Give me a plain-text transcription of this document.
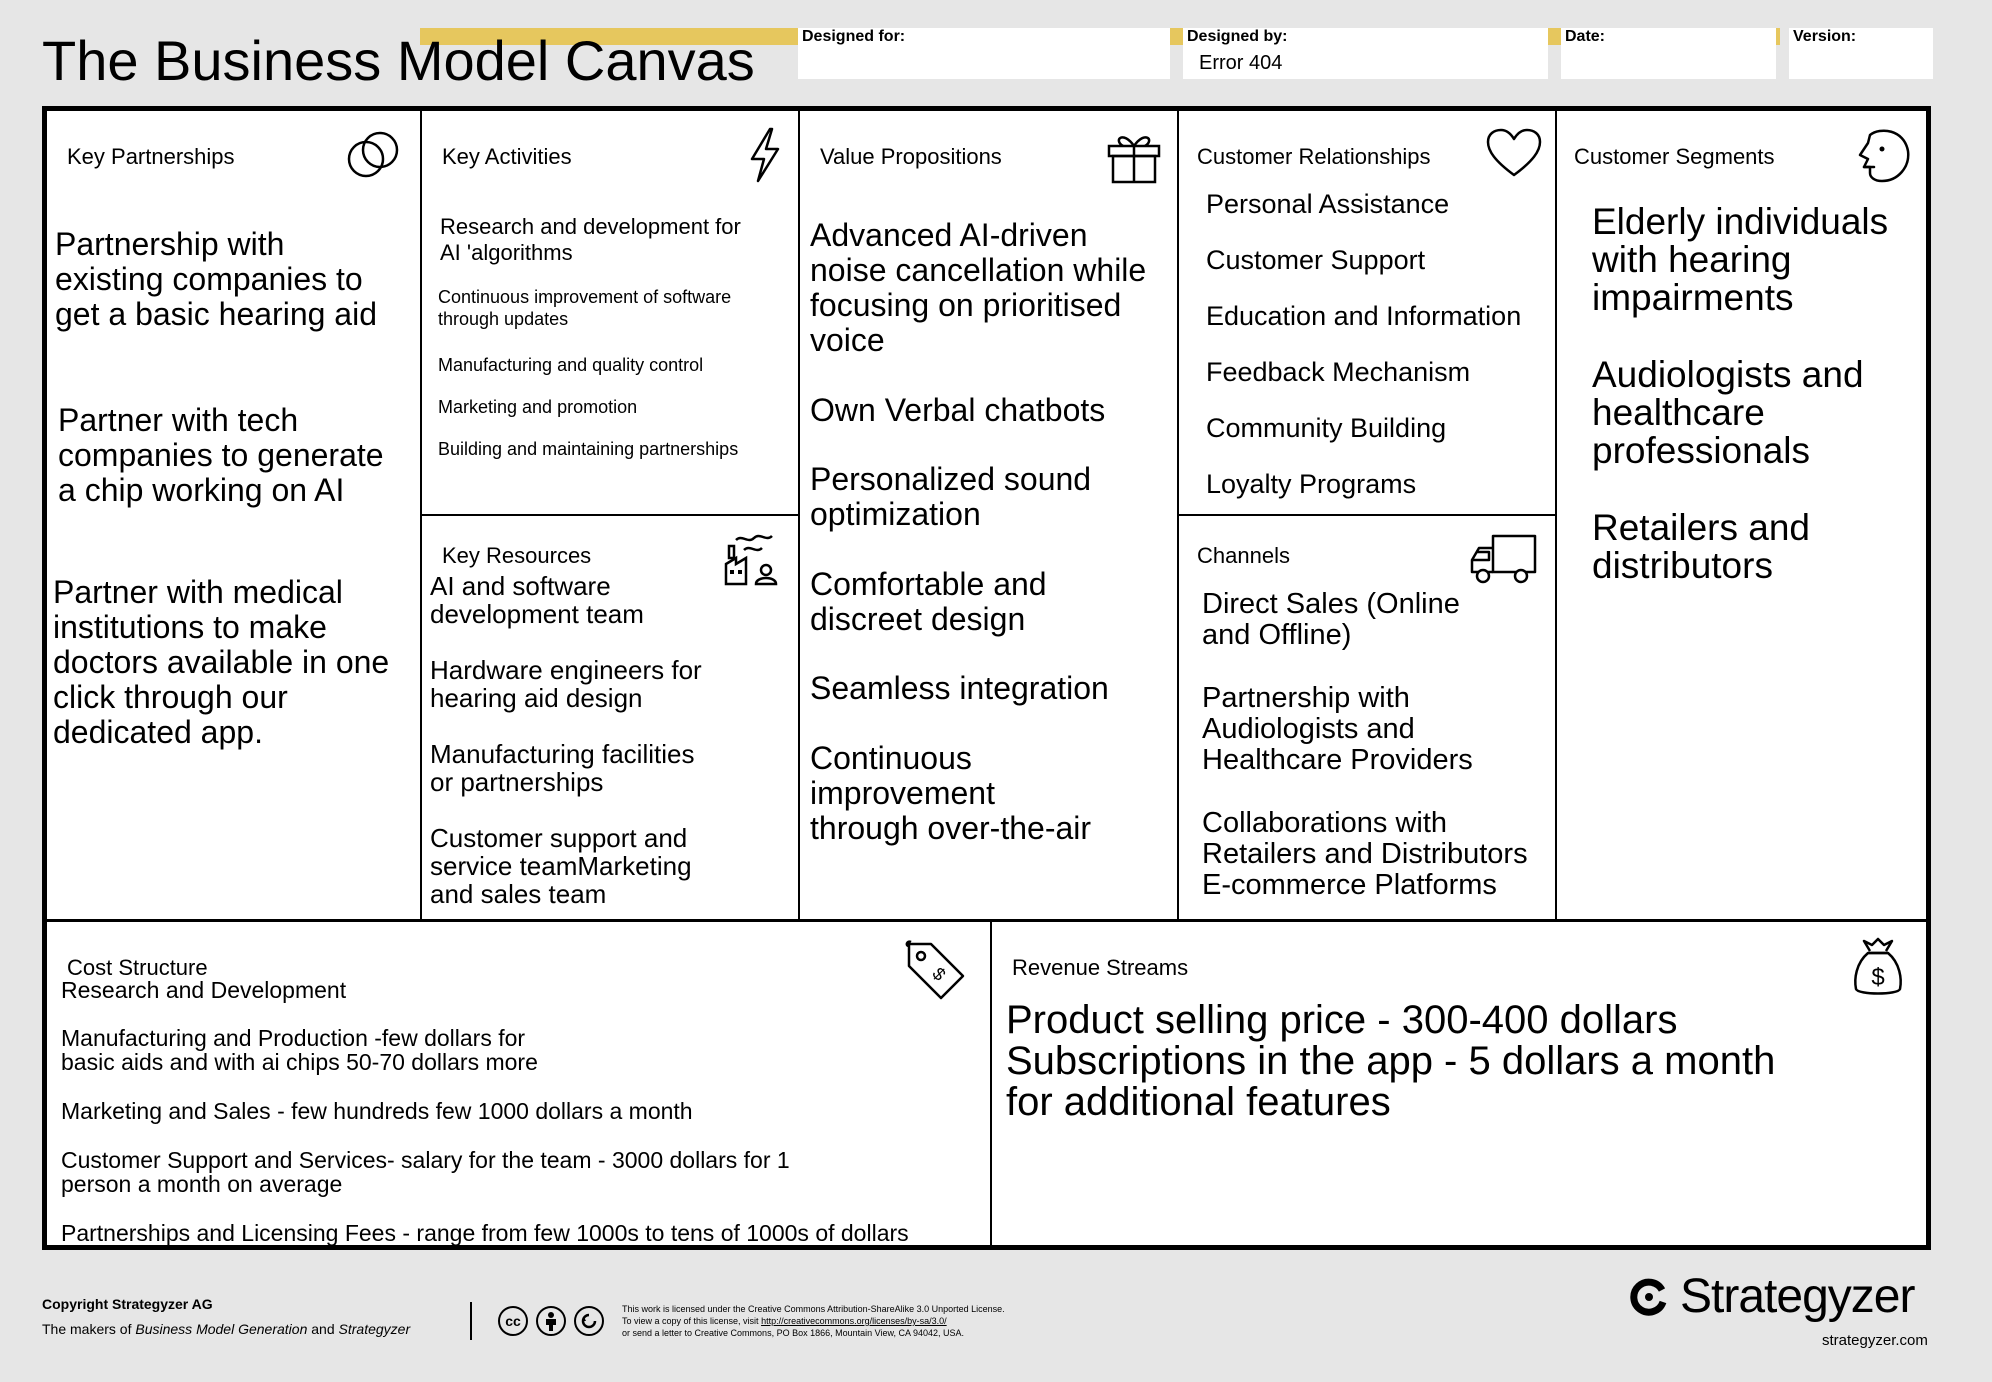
The Business Model Canvas	Designed for:	Designed by:
Error 404
Date:	Version:
Key Partnerships
Partnership with
existing companies to
get a basic hearing aid
Partner with tech
companies to generate
a chip working on AI
Partner with medical
institutions to make
doctors available in one
click through our
dedicated app.
Key Activities
Research and development for
AI 'algorithms
Continuous improvement of software
through updates
Manufacturing and quality control
Marketing and promotion
Building and maintaining partnerships
Key Resources
AI and software
development team
Hardware engineers for
hearing aid design
Manufacturing facilities
or partnerships
Customer support and
service teamMarketing
and sales team
Value Propositions
Advanced AI-driven
noise cancellation while
focusing on prioritised
voice
Own Verbal chatbots
Personalized sound
optimization
Comfortable and
discreet design
Seamless integration
Continuous
improvement
through over-the-air
Customer Relationships
Personal Assistance
Customer Support
Education and Information
Feedback Mechanism
Community Building
Loyalty Programs
Channels
Direct Sales (Online
and Offline)
Partnership with
Audiologists and
Healthcare Providers
Collaborations with
Retailers and Distributors
E-commerce Platforms
Customer Segments
Elderly individuals
with hearing
impairments
Audiologists and
healthcare
professionals
Retailers and
distributors
Cost Structure	$
Research and Development
Manufacturing and Production -few dollars for
basic aids and with ai chips 50-70 dollars more
Marketing and Sales - few hundreds few 1000 dollars a month
Customer Support and Services- salary for the team - 3000 dollars for 1
person a month on average
Partnerships and Licensing Fees - range from few 1000s to tens of 1000s of dollars
Revenue Streams	$
Product selling price - 300-400 dollars
Subscriptions in the app - 5 dollars a month
for additional features
Copyright Strategyzer AG
The makers of Business Model Generation and Strategyzer	cc
This work is licensed under the Creative Commons Attribution-ShareAlike 3.0 Unported License.
To view a copy of this license, visit http://creativecommons.org/licenses/by-sa/3.0/
or send a letter to Creative Commons, PO Box 1866, Mountain View, CA 94042, USA.
Strategyzer
strategyzer.com
